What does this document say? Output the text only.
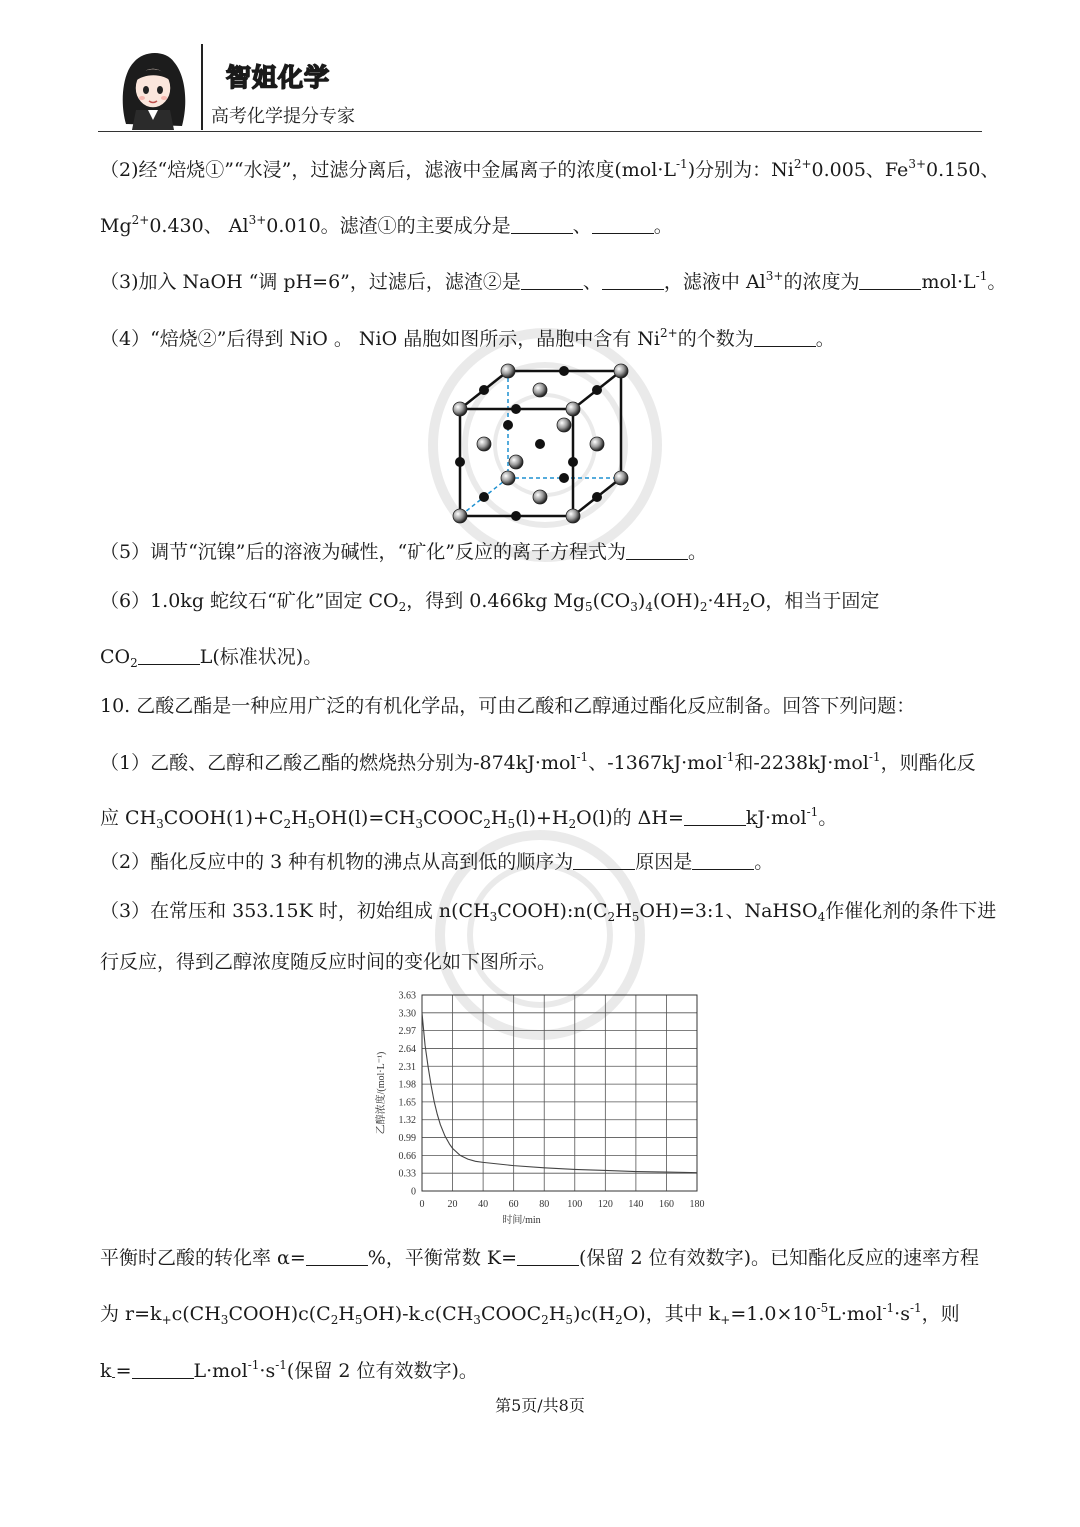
智姐化学
高考化学提分专家
（2)经“焙烧①”“水浸”，过滤分离后，滤液中金属离子的浓度$(mol\cdot L^{-1})$分别为：$Ni^{2+}0.005$、$Fe^{3+}0.150$、
$Mg^{2+}0.430$、 $Al^{3+}0.010$。滤渣①的主要成分是	、	。
（3)加入 NaOH “调 pH=6”，过滤后，滤渣②是	、	，滤液中 $Al^{3+}$的浓度为	$mol\cdot L^{-1}$。
（4）“焙烧②”后得到 NiO 。 NiO 晶胞如图所示，晶胞中含有 $Ni^{2+}$的个数为	。
（5）调节“沉镍”后的溶液为碱性，“矿化”反应的离子方程式为	。
（6）1.0kg 蛇纹石“矿化”固定 $CO_2$，得到 0.466kg $Mg_5(CO_3)_4(OH)_2\cdot 4H_2O$，相当于固定
$CO_2$	L(标准状况)。
10. 乙酸乙酯是一种应用广泛的有机化学品，可由乙酸和乙醇通过酯化反应制备。回答下列问题：
（1）乙酸、乙醇和乙酸乙酯的燃烧热分别为-874kJ·mol$^{-1}$、-1367kJ·mol$^{-1}$和-2238kJ·mol$^{-1}$，则酯化反
应 $CH_3COOH(1)+C_2H_5OH(l)=CH_3COOC_2H_5(l)+H_2O(l)$的 ΔH=	kJ·mol$^{-1}$。
（2）酯化反应中的 3 种有机物的沸点从高到低的顺序为	原因是	。
（3）在常压和 353.15K 时，初始组成 $n(CH_3COOH):n(C_2H_5OH)=3:1$、NaHSO$_4$作催化剂的条件下进
行反应，得到乙醇浓度随反应时间的变化如下图所示。
0 20 40 60 80 100 120 140 160 180
0
0.33
0.66
0.99
1.32
1.65
1.98
2.31
2.64
2.97
3.30
3.63
时间/min
乙醇浓度/(mol·L⁻¹)
平衡时乙酸的转化率 α=	%，平衡常数 K=	(保留 2 位有效数字)。已知酯化反应的速率方程
为 $r=k_+c(CH_3COOH)c(C_2H_5OH)-k_-c(CH_3COOC_2H_5)c(H_2O)$，其中 $k_+=1.0\times 10^{-5}L\cdot mol^{-1}\cdot s^{-1}$，则
$k_-=$	$L\cdot mol^{-1}\cdot s^{-1}$(保留 2 位有效数字)。
第5页/共8页
